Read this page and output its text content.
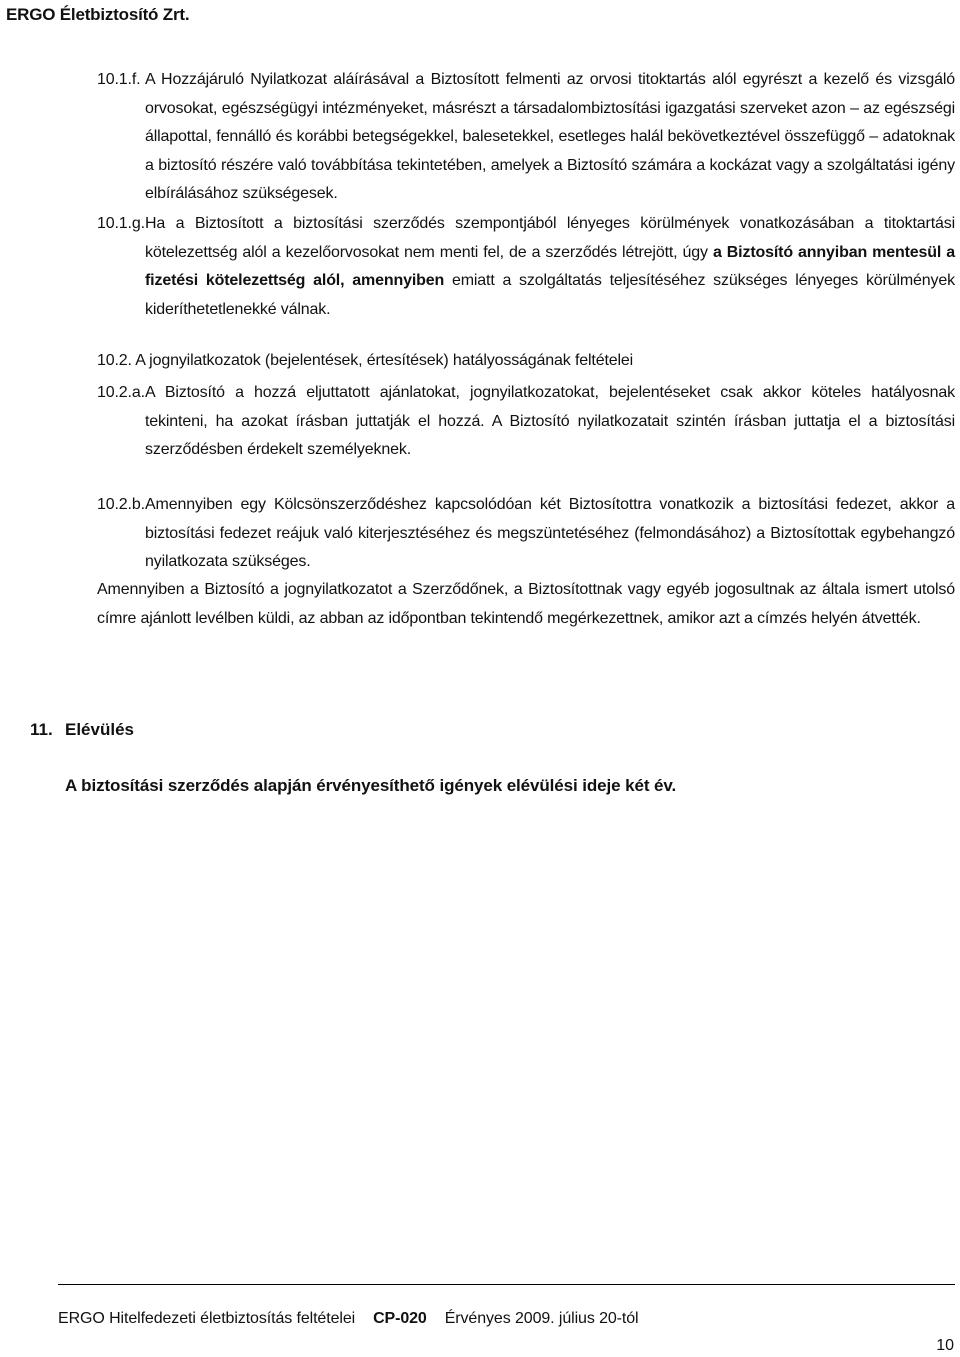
ERGO Életbiztosító Zrt.
10.1.f. A Hozzájáruló Nyilatkozat aláírásával a Biztosított felmenti az orvosi titoktartás alól egyrészt a kezelő és vizsgáló orvosokat, egészségügyi intézményeket, másrészt a társadalombiztosítási igazgatási szerveket azon – az egészségi állapottal, fennálló és korábbi betegségekkel, balesetekkel, esetleges halál bekövetkeztével összefüggő – adatoknak a biztosító részére való továbbítása tekintetében, amelyek a Biztosító számára a kockázat vagy a szolgáltatási igény elbírálásához szükségesek.
10.1.g. Ha a Biztosított a biztosítási szerződés szempontjából lényeges körülmények vonatkozásában a titoktartási kötelezettség alól a kezelőorvosokat nem menti fel, de a szerződés létrejött, úgy a Biztosító annyiban mentesül a fizetési kötelezettség alól, amennyiben emiatt a szolgáltatás teljesítéséhez szükséges lényeges körülmények kideríthetetlenekké válnak.
10.2. A jognyilatkozatok (bejelentések, értesítések) hatályosságának feltételei
10.2.a. A Biztosító a hozzá eljuttatott ajánlatokat, jognyilatkozatokat, bejelentéseket csak akkor köteles hatályosnak tekinteni, ha azokat írásban juttatják el hozzá. A Biztosító nyilatkozatait szintén írásban juttatja el a biztosítási szerződésben érdekelt személyeknek.
10.2.b. Amennyiben egy Kölcsönszerződéshez kapcsolódóan két Biztosítottra vonatkozik a biztosítási fedezet, akkor a biztosítási fedezet reájuk való kiterjesztéséhez és megszüntetéséhez (felmondásához) a Biztosítottak egybehangzó nyilatkozata szükséges.
Amennyiben a Biztosító a jognyilatkozatot a Szerződőnek, a Biztosítottnak vagy egyéb jogosultnak az általa ismert utolsó címre ajánlott levélben küldi, az abban az időpontban tekintendő megérkezettnek, amikor azt a címzés helyén átvették.
11. Elévülés
A biztosítási szerződés alapján érvényesíthető igények elévülési ideje két év.
ERGO Hitelfedezeti életbiztosítás feltételei CP-020 Érvényes 2009. július 20-tól
10
